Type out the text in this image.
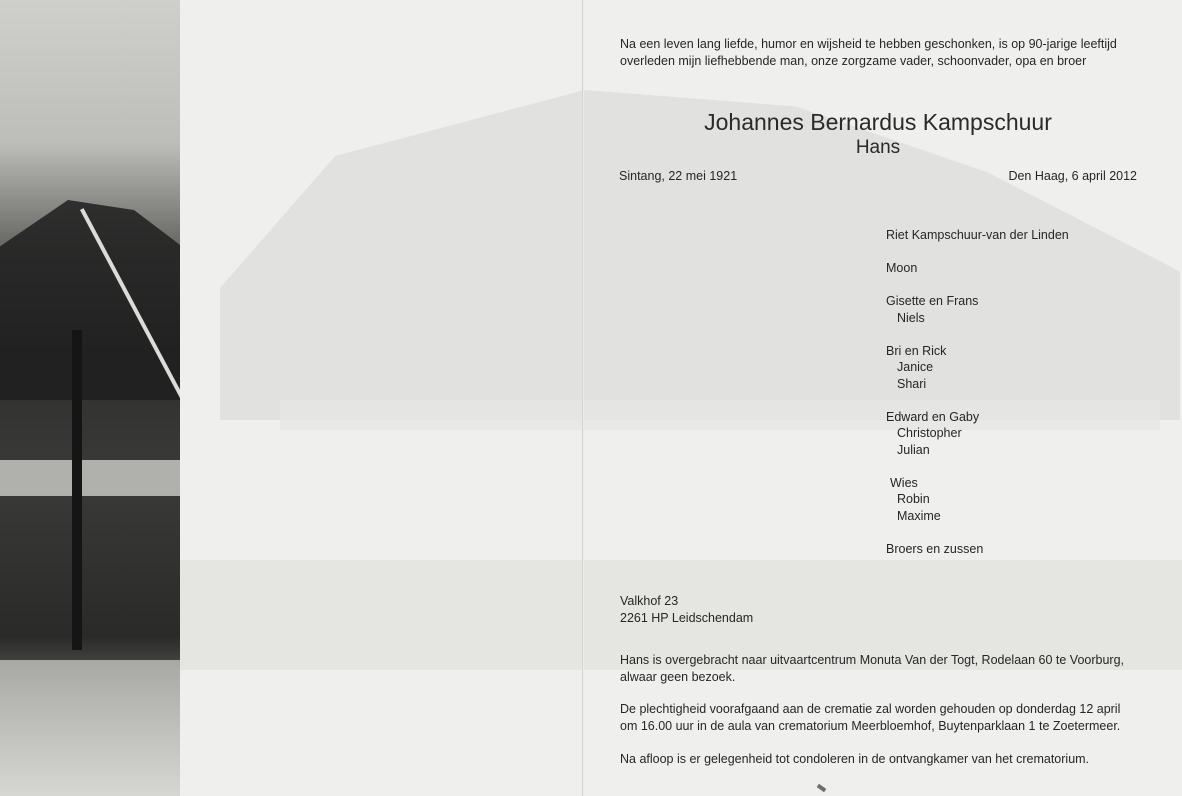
Na een leven lang liefde, humor en wijsheid te hebben geschonken, is op 90-jarige leeftijd
overleden mijn liefhebbende man, onze zorgzame vader, schoonvader, opa en broer
Johannes Bernardus Kampschuur
Hans
Sintang, 22 mei 1921	Den Haag, 6 april 2012
Riet Kampschuur-van der Linden
Moon
Gisette en Frans
Niels
Bri en Rick
Janice
Shari
Edward en Gaby
Christopher
Julian
Wies
Robin
Maxime
Broers en zussen
Valkhof 23
2261 HP Leidschendam
Hans is overgebracht naar uitvaartcentrum Monuta Van der Togt, Rodelaan 60 te Voorburg,
alwaar geen bezoek.
De plechtigheid voorafgaand aan de crematie zal worden gehouden op donderdag 12 april
om 16.00 uur in de aula van crematorium Meerbloemhof, Buytenparklaan 1 te Zoetermeer.
Na afloop is er gelegenheid tot condoleren in de ontvangkamer van het crematorium.
